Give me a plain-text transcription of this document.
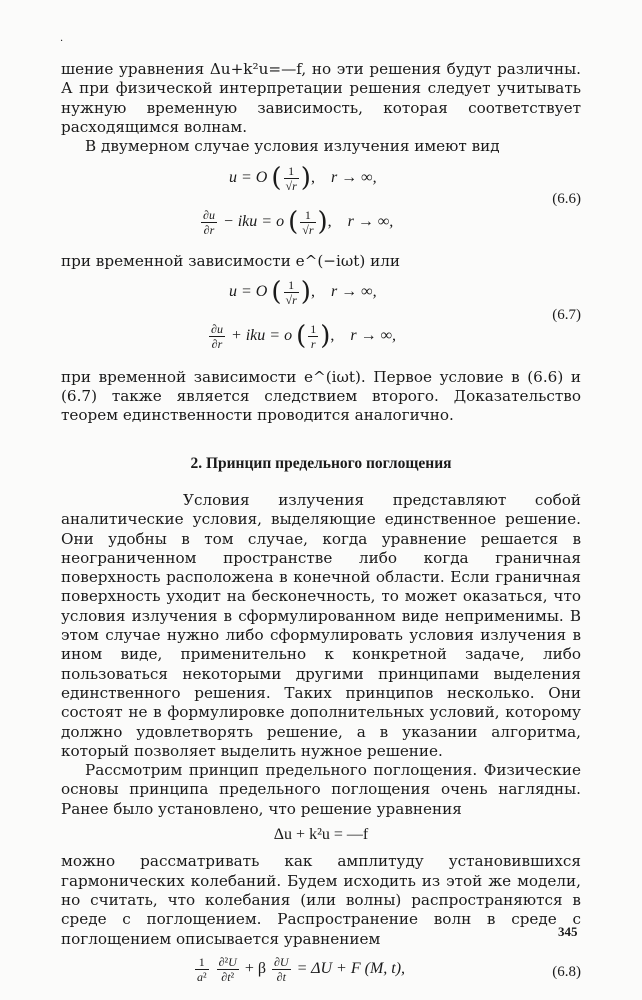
·

шение уравнения Δu+k²u=—f, но эти решения будут различны. А при физической интерпретации решения следует учитывать нужную временную зависимость, которая соответствует расходящимся волнам.

В двумерном случае условия излучения имеют вид

u = O ( $\frac{1}{√r}$ ),    r → ∞,
$\frac{\partial u}{\partial r}$ − iku = o ( $\frac{1}{√r}$ ),    r → ∞,
(6.6)

при временной зависимости e^(−iωt) или

u = O ( $\frac{1}{√r}$ ),    r → ∞,
$\frac{\partial u}{\partial r}$ + iku = o ( $\frac{1}{r}$ ),    r → ∞,
(6.7)

при временной зависимости e^(iωt). Первое условие в (6.6) и (6.7) также является следствием второго. Доказательство теорем единственности проводится аналогично.

2. Принцип предельного поглощения

Условия излучения представляют собой аналитические условия, выделяющие единственное решение. Они удобны в том случае, когда уравнение решается в неограниченном пространстве либо когда граничная поверхность расположена в конечной области. Если граничная поверхность уходит на бесконечность, то может оказаться, что условия излучения в сформулированном виде неприменимы. В этом случае нужно либо сформулировать условия излучения в ином виде, применительно к конкретной задаче, либо пользоваться некоторыми другими принципами выделения единственного решения. Таких принципов несколько. Они состоят не в формулировке дополнительных условий, которому должно удовлетворять решение, а в указании алгоритма, который позволяет выделить нужное решение.

Рассмотрим принцип предельного поглощения. Физические основы принципа предельного поглощения очень наглядны. Ранее было установлено, что решение уравнения

Δu + k²u = —f

можно рассматривать как амплитуду установившихся гармонических колебаний. Будем исходить из этой же модели, но считать, что колебания (или волны) распространяются в среде с поглощением. Распространение волн в среде с поглощением описывается уравнением

$\frac{1}{\text{a²}}$
$\frac{\text{∂²U}}{\text{∂t²}} + \beta \frac{\partial U}{\partial t} = \Delta U + F$ (M, t),	(6.8)
345
